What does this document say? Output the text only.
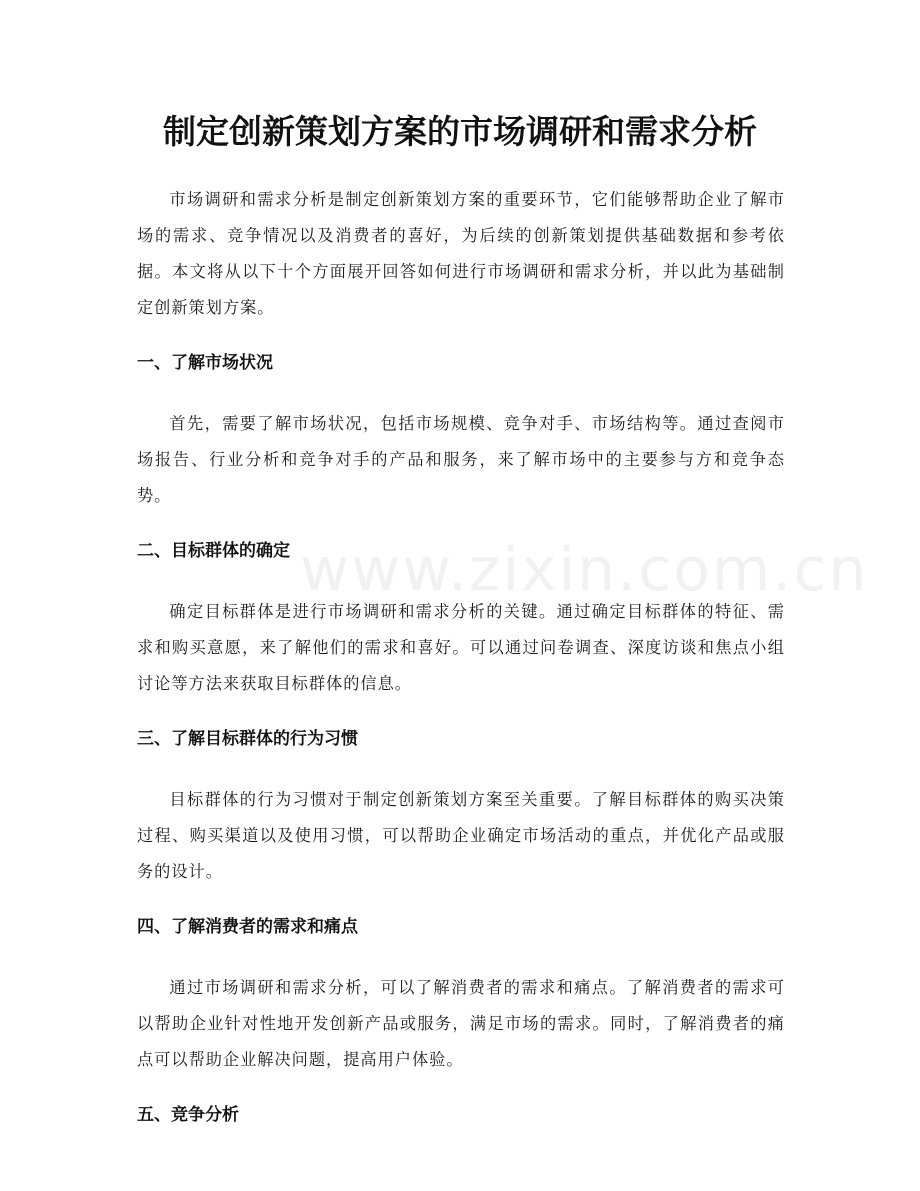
www.zixin.com.cn
制定创新策划方案的市场调研和需求分析

市场调研和需求分析是制定创新策划方案的重要环节，它们能够帮助企业了解市场的需求、竞争情况以及消费者的喜好，为后续的创新策划提供基础数据和参考依据。本文将从以下十个方面展开回答如何进行市场调研和需求分析，并以此为基础制定创新策划方案。

一、了解市场状况

首先，需要了解市场状况，包括市场规模、竞争对手、市场结构等。通过查阅市场报告、行业分析和竞争对手的产品和服务，来了解市场中的主要参与方和竞争态势。

二、目标群体的确定

确定目标群体是进行市场调研和需求分析的关键。通过确定目标群体的特征、需求和购买意愿，来了解他们的需求和喜好。可以通过问卷调查、深度访谈和焦点小组讨论等方法来获取目标群体的信息。

三、了解目标群体的行为习惯

目标群体的行为习惯对于制定创新策划方案至关重要。了解目标群体的购买决策过程、购买渠道以及使用习惯，可以帮助企业确定市场活动的重点，并优化产品或服务的设计。

四、了解消费者的需求和痛点

通过市场调研和需求分析，可以了解消费者的需求和痛点。了解消费者的需求可以帮助企业针对性地开发创新产品或服务，满足市场的需求。同时，了解消费者的痛点可以帮助企业解决问题，提高用户体验。

五、竞争分析
